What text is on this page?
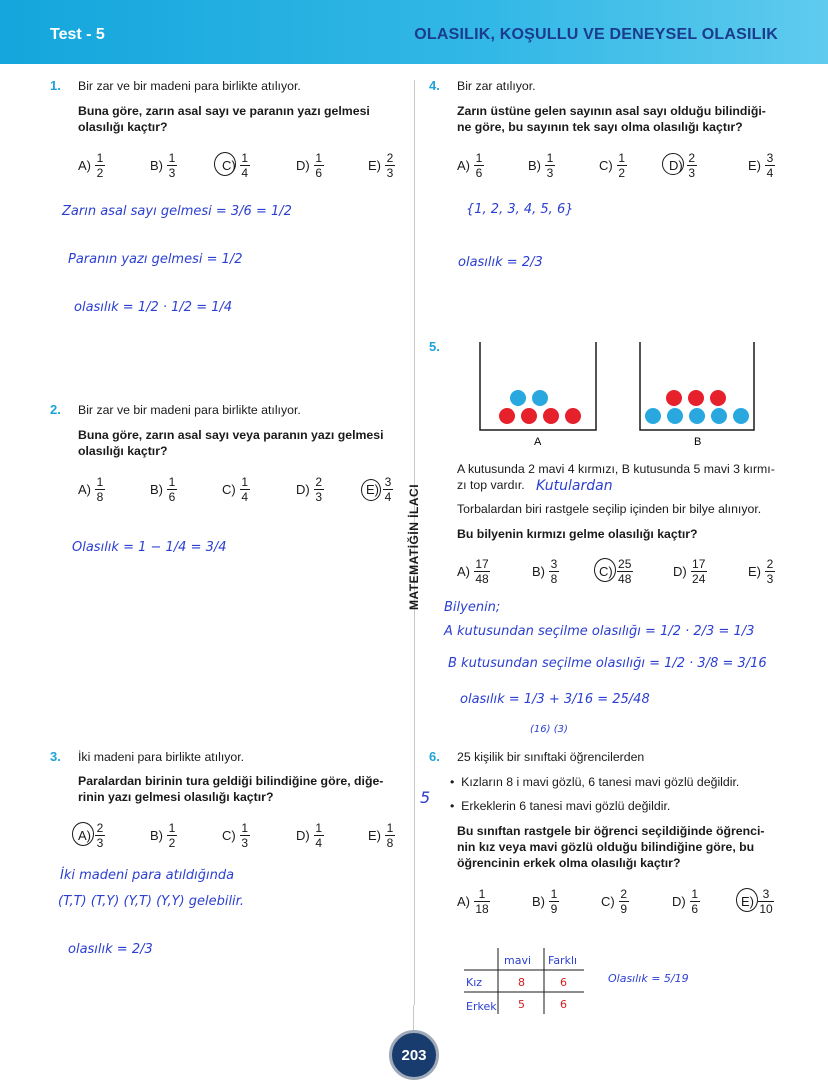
Test - 5	OLASILIK, KOŞULLU VE DENEYSEL OLASILIK
1. Bir zar ve bir madeni para birlikte atılıyor.
Buna göre, zarın asal sayı ve paranın yazı gelmesi
olasılığı kaçtır?
$A) \frac{1}{2}$	$B) \frac{1}{3}$	$C) \frac{1}{4}$	$D) \frac{1}{6}$	$E) \frac{2}{3}$
Zarın asal sayı gelmesi = 3/6 = 1/2
Paranın yazı gelmesi = 1/2
olasılık = 1/2 · 1/2 = 1/4
2. Bir zar ve bir madeni para birlikte atılıyor.
Buna göre, zarın asal sayı veya paranın yazı gelmesi
olasılığı kaçtır?
$A) \frac{1}{8}$	$B) \frac{1}{6}$	$C) \frac{1}{4}$	$D) \frac{2}{3}$	$E) \frac{3}{4}$
Olasılık = 1 − 1/4 = 3/4
3. İki madeni para birlikte atılıyor.
Paralardan birinin tura geldiği bilindiğine göre, diğe-
rinin yazı gelmesi olasılığı kaçtır?
$A) \frac{2}{3}$	$B) \frac{1}{2}$	$C) \frac{1}{3}$	$D) \frac{1}{4}$	$E) \frac{1}{8}$
İki madeni para atıldığında
(T,T) (T,Y) (Y,T) (Y,Y) gelebilir.
olasılık = 2/3
MATEMATİĞİN İLACI
4. Bir zar atılıyor.
Zarın üstüne gelen sayının asal sayı olduğu bilindiği-
ne göre, bu sayının tek sayı olma olasılığı kaçtır?
$A) \frac{1}{6}$	$B) \frac{1}{3}$	$C) \frac{1}{2}$	$D) \frac{2}{3}$	$E) \frac{3}{4}$
{1, 2, 3, 4, 5, 6}
olasılık = 2/3
5.
A	B
A kutusunda 2 mavi 4 kırmızı, B kutusunda 5 mavi 3 kırmı-
zı top vardır. Kutulardan
Torbalardan biri rastgele seçilip içinden bir bilye alınıyor.
Bu bilyenin kırmızı gelme olasılığı kaçtır?
$A) \frac{17}{48}$	$B) \frac{3}{8}$	$C) \frac{25}{48}$	$D) \frac{17}{24}$	$E) \frac{2}{3}$
Bilyenin;
A kutusundan seçilme olasılığı = 1/2 · 2/3 = 1/3
B kutusundan seçilme olasılığı = 1/2 · 3/8 = 3/16
olasılık = 1/3 + 3/16 = 25/48
(16) (3)
6. 25 kişilik bir sınıftaki öğrencilerden
•  Kızların 8 i mavi gözlü, 6 tanesi mavi gözlü değildir.
5 •  Erkeklerin 6 tanesi mavi gözlü değildir.
Bu sınıftan rastgele bir öğrenci seçildiğinde öğrenci-
nin kız veya mavi gözlü olduğu bilindiğine göre, bu
öğrencinin erkek olma olasılığı kaçtır?
$A) \frac{1}{18}$	$B) \frac{1}{9}$	$C) \frac{2}{9}$	$D) \frac{1}{6}$	$E) \frac{3}{10}$
mavi Farklı
Kız	8	6
Erkek 5	6
Olasılık = 5/19
203
